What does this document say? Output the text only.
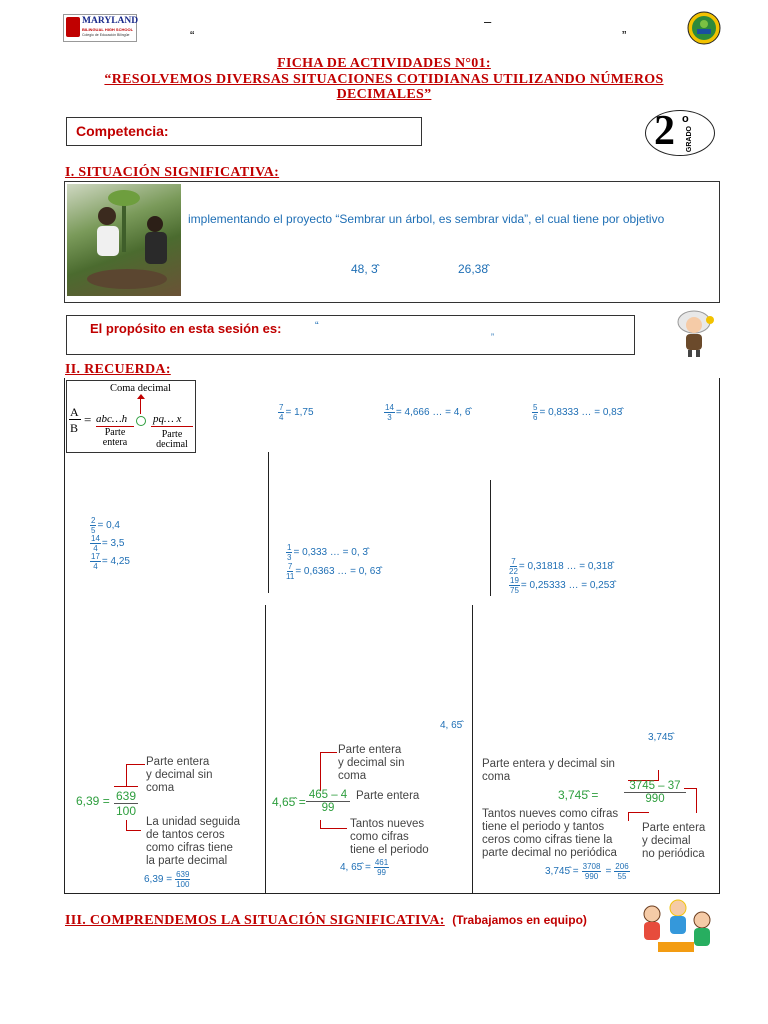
MARYLAND
BILINGUAL HIGH SCHOOL
Colegio de Educación Bilingüe
–
“	”
FICHA DE ACTIVIDADES N°01:
“RESOLVEMOS DIVERSAS SITUACIONES COTIDIANAS UTILIZANDO NÚMEROS
DECIMALES”
Competencia:	2 o
GRADO
I. SITUACIÓN SIGNIFICATIVA:
implementando el proyecto “Sembrar un árbol, es sembrar vida”, el cual tiene por objetivo
48, 3̂	26,38̂
El propósito en esta sesión es:	“
”
II. RECUERDA:
Coma decimal
A
B
= abc…h pq… x
Parte entera
Parte decimal
$\frac{7}{4} = 1,75$	$\frac{14}{3} = 4,666$ … = 4, 6̂	$\frac{5}{6} = 0,8333$ … = 0,83̂
$\frac{2}{5} = 0,4$
$\frac{14}{4} = 3,5$
$\frac{17}{4} = 4,25$	$\frac{1}{3} = 0,333$ … = 0, 3̂
$\frac{7}{11} = 0,6363$ … = 0, 63̂	$\frac{7}{22} = 0,31818$ … = 0,318̂
$\frac{19}{75} = 0,25333$ … = 0,253̂
Parte entera
y decimal sin
coma
$6,39 = \frac{639}{100}$
La unidad seguida
de tantos ceros
como cifras tiene
la parte decimal
$6,39 = \frac{639}{100}$
4, 65̂
Parte entera
y decimal sin
coma
4,65̂ = $\frac{465 - 4}{99}$ Parte entera
Tantos nueves
como cifras
tiene el periodo
4, 65̂ = $\frac{461}{99}$
3,745̂
Parte entera y decimal sin
coma
3,745̂ = $\frac{3745 - 37}{990}$
Tantos nueves como cifras
tiene el periodo y tantos
ceros como cifras tiene la
parte decimal no periódica
Parte entera
y decimal
no periódica
3,745̂ = $\frac{3708}{990} = \frac{206}{55}$
III. COMPRENDEMOS LA SITUACIÓN SIGNIFICATIVA: (Trabajamos en equipo)
